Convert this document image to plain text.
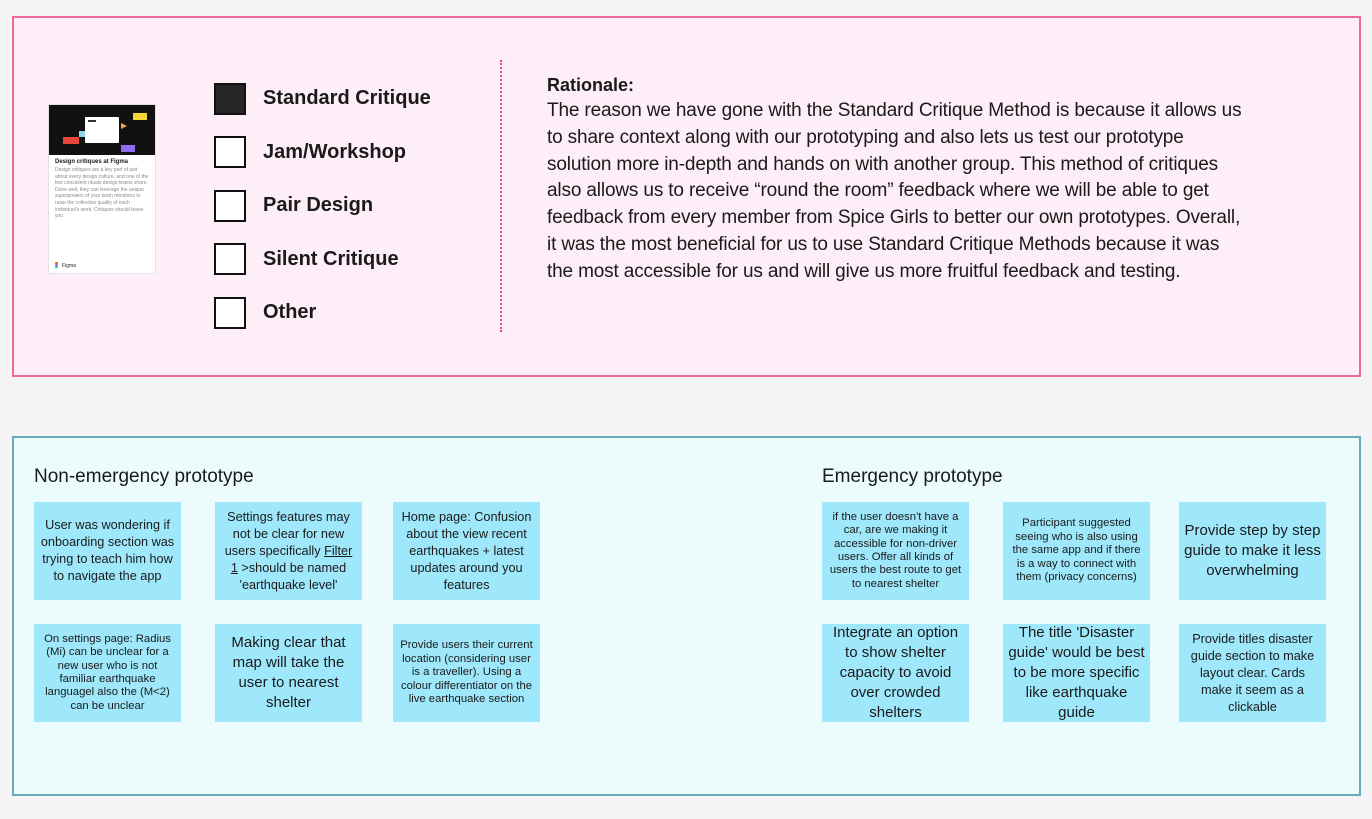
Design critiques at Figma
Design critiques are a key part of just about every design culture, and one of the few consistent rituals design teams share. Done well, they can leverage the unique superpowers of your team members to raise the collective quality of each individual's work. Critiques should leave you
Figma
Standard Critique
Jam/Workshop
Pair Design
Silent Critique
Other
Rationale:
The reason we have gone with the Standard Critique Method is because it allows us to share context along with our prototyping and also lets us test our prototype solution more in-depth and hands on with another group. This method of critiques also allows us to receive “round the room” feedback where we will be able to get feedback from every member from Spice Girls to better our own prototypes. Overall, it was the most beneficial for us to use Standard Critique Methods because it was the most accessible for us and will give us more fruitful feedback and testing.
Non-emergency prototype
User was wondering if onboarding section was trying to teach him how to navigate the app
Settings features may not be clear for new users specifically Filter 1 >should be named 'earthquake level'
Home page: Confusion about the view recent earthquakes + latest updates around you features
On settings page: Radius (Mi) can be unclear for a new user who is not familiar earthquake languagel also the (M<2) can be unclear
Making clear that map will take the user to nearest shelter
Provide users their current location (considering user is a traveller). Using a colour differentiator on the live earthquake section
Emergency prototype
if the user doesn't have a car, are we making it accessible for non-driver users. Offer all kinds of users the best route to get to nearest shelter
Participant suggested seeing who is also using the same app and if there is a way to connect with them (privacy concerns)
Provide step by step guide to make it less overwhelming
Integrate an option to show shelter capacity to avoid over crowded shelters
The title 'Disaster guide' would be best to be more specific like earthquake guide
Provide titles disaster guide section to make layout clear. Cards make it seem as a clickable
